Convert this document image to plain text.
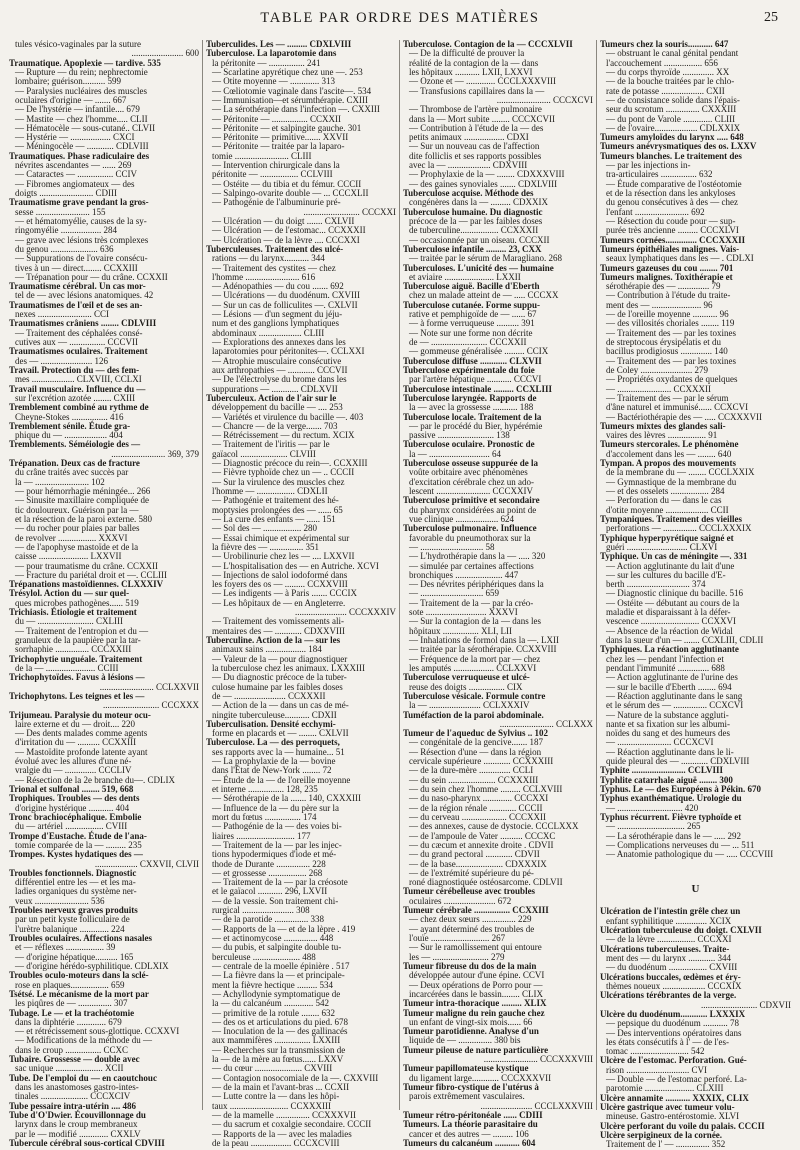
TABLE PAR ORDRE DES MATIÈRES	25
tules vésico-vaginales par la suture
....................... 600
Traumatique. Apoplexie — tardive. 535
— Rupture — du rein; nephrectomie
lombaire; guérison.......... 599
— Paralysies nucléaires des muscles
oculaires d'origine — ....... 667
— De l'hystérie — infantile.... 679
— Mastite — chez l'homme..... CLII
— Hématocèle — sous-cutané.. CLVII
— Hystérie — .................. CXCI
— Méningocèle — ............ CDLVIII
Traumatiques. Phase radiculaire des
névrites ascendantes — ...... 269
— Cataractes — ................ CCIV
— Fibromes angiomateux — des
doigts ........................ CDIII
Traumatisme grave pendant la gros-
sesse ........................ 155
— et hématomyélie, causes de la sy-
ringomyélie .................. 284
— grave avec lésions très complexes
du genou ..................... 636
— Suppurations de l'ovaire consécu-
tives à un — direct........ CCXXIII
— Trépanation pour — du crâne. CCXXII
Traumatisme cérébral. Un cas mor-
tel de — avec lésions anatomiques. 42
Traumatismes de l'œil et de ses an-
nexes ........................ CCI
Traumatismes crâniens ........ CDLVIII
— Traitement des céphalées consé-
cutives aux — ................ CCCVII
Traumatismes oculaires. Traitement
des — ....................... 126
Travail. Protection du — des fem-
mes ................... CLXVIII, CCLXI
Travail musculaire. Influence du —
sur l'excrétion azotée ........ CXIII
Tremblement combiné au rythme de
Cheyne-Stokes ................ 416
Tremblement sénile. Étude gra-
phique du — ................... 404
Tremblements. Séméiologie des —
........................ 369, 379
Trépanation. Deux cas de fracture
du crâne traités avec succès par
la — ........................ 102
— pour hémorrhagie méningée... 266
— Sinusite maxillaire compliquée de
tic douloureux. Guérison par la —
et la résection de la paroi externe. 580
— du rocher pour plaies par balles
de revolver ................. XXXVI
— de l'apophyse mastoïde et de la
caisse ...................... LXXVII
— pour traumatisme du crâne. CCXXII
— Fracture du pariétal droit et —. CCLIII
Trépanations mastoïdiennes. CLXXXIV
Trésylol. Action du — sur quel-
ques microbes pathogènes...... 519
Trichiasis. Étiologie et traitement
du — ......................... CXLIII
— Traitement de l'entropion et du —
granuleux de la paupière par la tar-
sorrhaphie ............... CCCXXIII
Trichophytie unguéale. Traitement
de la — ...................... CCIII
Trichophytoïdes. Favus à lésions —
........................ CCLXXVII
Trichophytons. Les teignes et les —
......................... CCCXXX
Trijumeau. Paralysie du moteur ocu-
laire externe et du — droit.... 220
— Des dents malades comme agents
d'irritation du — .......... CCXXIII
— Mastoïdite profonde latente ayant
évolué avec les allures d'une né-
vralgie du — .............. CCCLIV
— Résection de la 2e branche du—. CDLIX
Trional et sulfonal ........ 519, 668
Trophiques. Troubles — des dents
d'origine hystérique ........... 404
Tronc brachiocéphalique. Embolie
du — artériel ................. CVIII
Trompe d'Eustache. Étude de l'ana-
tomie comparée de la — ......... 235
Trompes. Kystes hydatiques des —
................... CXXVII, CLVII
Troubles fonctionnels. Diagnostic
différentiel entre les — et les ma-
ladies organiques du système ner-
veux ........................ 536
Troubles nerveux graves produits
par un petit kyste folliculaire de
l'urètre balanique ............. 224
Troubles oculaires. Affections nasales
et — réflexes ................. 39
— d'origine hépatique.......... 165
— d'origine hérédo-syphilitique. CDLXIX
Troubles oculo-moteurs dans la sclé-
rose en plaques................. 659
Tsétsé. Le mécanisme de la mort par
les piqûres de — ............... 307
Tubage. Le — et la trachéotomie
dans la diphtérie ............. 679
— et rétrécissement sous-glottique. CCXXVI
— Modifications de la méthode du —
dans le croup ................ CCXC
Tubaire. Grossesse — double avec
sac unique ..................... XCII
Tube. De l'emploi du — en caoutchouc
dans les anastomoses gastro-intes-
tinales ..................... CCCXCIV
Tube pessaire intra-utérin .... 486
Tube d'O'Dwier. Écouvillonnage du
larynx dans le croup membraneux
par le — modifié ............. CXXLV
Tubercule cérébral sous-cortical CDVIII
Tuberculides. Les — ......... CDXLVIII
Tuberculose. La laparotomie dans
la péritonite — ................ 241
— Scarlatine apyrétique chez une —. 253
— Otite moyenne — ............. 313
— Cœliotomie vaginale dans l'ascite—. 534
— Immunisation—et sérumthérapie. CXIII
— La sérothérapie dans l'infection —. CXXIII
— Péritonite — ................ CCXXII
— Péritonite — et salpingite gauche. 301
— Péritonite — primitive....... XXVII
— Péritonite — traitée par la laparo-
tomie ........................ CLIII
— Intervention chirurgicale dans la
péritonite — ................. CCLVIII
— Ostéite — du tibia et du fémur. CCCII
— Salpingo-ovarite double — ... CCCXLII
— Pathogénie de l'albuminurie pré-
......................... CCCXXI
— Ulcération — du doigt ....... CXLVII
— Ulcération — de l'estomac... CCXXXII
— Ulcération — de la lèvre .... CCCXXI
Tuberculeuses. Traitement des ulcé-
rations — du larynx........... 344
— Traitement des cystites — chez
l'homme ........................ 616
— Adénopathies — du cou ....... 692
— Ulcérations — du duodénum. CXVIII
— Sur un cas de folliculites —. CXLVII
— Lésions — d'un segment du jéju-
num et des ganglions lymphatiques
abdominaux ................... CLIII
— Explorations des annexes dans les
laparotomies pour péritonites—. CCLXXI
— Atrophie musculaire consécutive
aux arthropathies — ............ CCCVII
— De l'électrolyse du brome dans les
suppurations — ............ CDLXVII
Tuberculeux. Action de l'air sur le
développement du bacille — .... 253
— Variétés et virulence du bacille —. 403
— Chancre — de la verge....... 703
— Rétrécissement — du rectum. XCIX
— Traitement de l'iritis — par le
gaïacol ..................... CLVIII
— Diagnostic précoce du rein—. CCXXIII
— Fièvre typhoïde chez un — .. CCCII
— Sur la virulence des muscles chez
l'homme — ................. CDXLII
— Pathogénie et traitement des hé-
moptysies prolongées des — ...... 65
— La cure des enfants — ...... 151
— Sol des — ................. 280
— Essai chimique et expérimental sur
la fièvre des — ............... 351
— Urobilinurie chez les — .... LXXVII
— L'hospitalisation des — en Autriche. XCVI
— Injections de salol iodoformé dans
les foyers des os — ......... CCXXVIII
— Les indigents — à Paris ....... CCCIX
— Les hôpitaux de — en Angleterre.
....................... CCCXXXIV
— Traitement des vomissements ali-
mentaires des — ............ CDXXVIII
Tuberculine. Action de la — sur les
animaux sains .................. 184
— Valeur de la — pour diagnostiquer
la tuberculose chez les animaux. LXXXIII
— Du diagnostic précoce de la tuber-
culose humaine par les faibles doses
de — ....................... CCXXXII
— Action de la — dans un cas de mé-
ningite tuberculeuse........... CDXII
Tuberculisation. Densité ecchymi-
forme en placards et — ........ CXLVII
Tuberculose. La — des perroquets,
ses rapports avec la — humaine... 51
— La prophylaxie de la — bovine
dans l'État de New-York ........ 72
— Étude de la — de l'oreille moyenne
et interne ................ 128, 235
— Sérothérapie de la ....... 140, CXXXIII
— Influence de la — du père sur la
mort du fœtus ................ 174
— Pathogénie de la — des voies bi-
liaires .......................... 177
— Traitement de la — par les injec-
tions hypodermiques d'iode et mé-
thode de Durante ............... 228
— et grossesse ................. 268
— Traitement de la — par la créosote
et le gaïacol ........... 296, LXVII
— de la vessie. Son traitement chi-
rurgical ....................... 308
— de la parotide ............... 338
— Rapports de la — et de la lèpre . 419
— et actinomycose ............... 448
— du pubis, et salpingite double tu-
berculeuse ..................... 488
— centrale de la moelle épinière . 517
— La fièvre dans la — et principale-
ment la fièvre hectique ......... 534
— Achyllodynie symptomatique de
la — du calcanéum ............. 542
— primitive de la rotule ........ 632
— des os et articulations du pied. 678
— Inoculation de la — des gallinacés
aux mammifères ................ LXXIII
— Recherches sur la transmission de
la — de la mère au fœtus...... LXXV
— du cœur ..................... CXVIII
— Contagion nosocomiale de la —. CXXVIII
— de la main et l'avant-bras ... CCXII
— Lutte contre la — dans les hôpi-
taux .......................... CCXXXIII
— de la mamelle ............... CCXXXVII
— du sacrum et coxalgie secondaire. CCCII
— Rapports de la — avec les maladies
de la peau .................. CCCXCVIII
Tuberculose. Contagion de la — CCCXLVII
— De la difficulté de prouver la
réalité de la contagion de la — dans
les hôpitaux ........... LXII, LXXVI
— Ozone et — ............. CCCLXXXVIII
— Transfusions capillaires dans la —
........................ CCCXCVI
— Thrombose de l'artère pulmonaire
dans la — Mort subite ........ CCCXCVII
— Contribution à l'étude de la — des
petits animaux .................. CDXI
— Sur un nouveau cas de l'affection
dite folliclis et ses rapports possibles
avec la — ................... CDXVIII
— Prophylaxie de la — ........ CDXXXVIII
— des gaines synoviales ....... CDXLVIII
Tuberculose acquise. Méthode des
congénères dans la — ......... CDXXIX
Tuberculose humaine. Du diagnostic
précoce de la — par les faibles doses
de tuberculine................. CCXXXII
— occasionnée par un oiseau. CCCXII
Tuberculose infantile ......... 23, CXX
— traitée par le sérum de Maragliano. 268
Tuberculoses. L'unicité des — humaine
et aviaire ...................... LXXII
Tuberculose aiguë. Bacille d'Eberth
chez un malade atteint de — ..... CCCXX
Tuberculose cutanée. Forme suppu-
rative et pemphigoïde de — ...... 67
— à forme verruqueuse .......... 391
— Note sur une forme non décrite
de — ......................... CCCXXII
— gommeuse généralisée ......... CCIX
Tuberculose diffuse ............ CLXVII
Tuberculose expérimentale du foie
par l'artère hépatique ........... CCCVI
Tuberculose intestinale ......... CCXLIII
Tuberculose laryngée. Rapports de
la — avec la grossesse ........... 188
Tuberculose locale. Traitement de la
— par le procédé du Bier, hypérémie
passive ......................... 138
Tuberculose oculaire. Pronostic de
la — ........................... 64
Tuberculose osseuse suppurée de la
voûte orbitaire avec phénomènes
d'excitation cérébrale chez un ado-
lescent ........................ CCCXXIV
Tuberculose primitive et secondaire
du pharynx considérées au point de
vue clinique ................... 624
Tuberculose pulmonaire. Influence
favorable du pneumothorax sur la
— ............................ 58
— L'hydrothérapie dans la — ..... 320
— simulée par certaines affections
bronchiques ..................... 447
— Des névrites périphériques dans la
— ............................ 659
— Traitement de la — par la créo-
sote ........................... XXXVI
— Sur la contagion de la — dans les
hôpitaux ................ XLI, LII
— Inhalations de formol dans la —. LXII
— traitée par la sérothérapie. CCXXVIII
— Fréquence de la mort par — chez
les amputés .................. CCLXXVI
Tuberculose verruqueuse et ulcé-
reuse des doigts ................ CIX
Tuberculose vésicale. Formule contre
la — ....................... CCLXXXIV
Tuméfaction de la paroi abdominale.
........................ CCLXXX
Tumeur de l'aqueduc de Sylvius .. 102
— congénitale de la gencive....... 187
— Résection d'une — dans la région
cervicale supérieure ............ CCXXXIII
— de la dure-mère .............. CCLI
— du sein ..................... CCXXXIII
— du sein chez l'homme ......... CCLXVIII
— du naso-pharynx ............. CCCXXI
— de la région rénale ............ CCCII
— du cerveau .................... CCCXXII
— des annexes, cause de dystocie. CCCLXXX
— de l'ampoule de Vater .......... CCCXC
— du cæcum et annexite droite . CDVII
— du grand pectoral ............ CDVII
— de la base..................... CDXXXIX
— de l'extrémité supérieure du pé-
roné diagnostiquée ostéosarcome. CDLVII
Tumeur cérébelleuse avec troubles
oculaires ....................... 672
Tumeur cérébrale ................ CCXXIII
— chez deux sœurs ............... 229
— ayant déterminé des troubles de
l'ouïe .......................... 267
— Sur le ramollissement qui entoure
les — ......................... 279
Tumeur fibreuse du dos de la main
développée autour d'une épine. CCVI
— Deux opérations de Porro pour —
incarcérées dans le bassin........ CLIX
Tumeur intra-thoracique ......... XLIX
Tumeur maligne du rein gauche chez
un enfant de vingt-six mois...... 66
Tumeur parotidienne. Analyse d'un
liquide de — ............... 380 bis
Tumeur pileuse de nature particulière
........................ CCCXXXVIII
Tumeur papillomateuse kystique
du ligament large............ CCCXXXVII
Tumeur fibro-cystique de l'utérus à
parois extrêmement vasculaires.
....................... CCCLXXXVIII
Tumeur rétro-péritonéale ...... CDIII
Tumeurs. La théorie parasitaire du
cancer et des autres — ......... 106
Tumeurs du calcanéum ........... 604
Tumeurs chez la souris........... 647
— obstruant le canal génital pendant
l'accouchement ................. 656
— du corps thyroïde .............. XX
— de la bouche traitées par le chlo-
rate de potasse ................... CXII
— de consistance solide dans l'épais-
seur du scrotum ............... CXXXIII
— du pont de Varole ............. CLIII
— de l'ovaire................... CDLXXIX
Tumeurs amyloïdes du larynx ..... 648
Tumeurs anévrysmatiques des os. LXXV
Tumeurs blanches. Le traitement des
— par les injections in-
tra-articulaires ................ 632
— Étude comparative de l'ostéotomie
et de la résection dans les ankyloses
du genou consécutives à des — chez
l'enfant ........................ 692
— Résection du coude pour — sup-
purée très ancienne ......... CCCXLVI
Tumeurs cornées.............. CCCXXXII
Tumeurs épithéliales malignes. Vais-
seaux lymphatiques dans les — . CDLXI
Tumeurs gazeuses du cou ........ 701
Tumeurs malignes. Toxithérapie et
sérothérapie des — .............. 79
— Contribution à l'étude du traite-
ment des — ...................... 96
— de l'oreille moyenne ........... 96
— des villosités choriales ........ 119
— Traitement des — par les toxines
de streptocous érysipélatis et du
bacillus prodigiosus .............. 140
— Traitement des — par les toxines
de Coley ....................... 279
— Propriétés oxydantes de quelques
— ........................ CCXXXII
— Traitement des — par le sérum
d'âne naturel et immunisé...... CCXCVI
— Bactériothérapie des — ..... CCXXXVII
Tumeurs mixtes des glandes sali-
vaires des lèvres ................. 91
Tumeurs stercorales. Le phénomène
d'accolement dans les — ........ 640
Tympan. A propos des mouvements
de la membrane du — ........ CCCLXXIX
— Gymnastique de la membrane du
— et des osselets ................. 284
— Perforation du — dans le cas
d'otite moyenne ................... CCII
Tympaniques. Traitement des vieilles
perforations — ............... CCCLXXXIX
Typhique hyperpyrétique saigné et
guéri ........................... CLXVI
Typhique. Un cas de méningite —. 331
— Action agglutinante du lait d'une
— sur les cultures du bacille d'E-
berth ............................ 374
— Diagnostic clinique du bacille. 516
— Ostéite — débutant au cours de la
maladie et disparaissant à la défer-
vescence .......................... CCXXVI
— Absence de la réaction de Widal
dans la sueur d'un — ....... CCXLIII, CDLII
Typhiques. La réaction agglutinante
chez les — pendant l'infection et
pendant l'immunité .............. 688
— Action agglutinante de l'urine des
— sur le bacille d'Eberth ........ 694
— Réaction agglutinante dans le sang
et le sérum des — ............... CCXCVI
— Nature de la substance aggluti-
nante et sa fixation sur les albumi-
noïdes du sang et des humeurs des
— ........................ CCCXCVI
— Réaction agglutinante dans le li-
quide pleural des — ............ CDXLVIII
Typhite ........................ CCLVIII
Typhlite catarrhale aiguë ........ 300
Typhus. Le — des Européens à Pékin. 670
Typhus exanthématique. Urologie du
— ............................. 420
Typhus récurrent. Fièvre typhoïde et
— .............................. 265
— La sérothérapie dans le — ..... 292
— Complications nerveuses du — ... 511
— Anatomie pathologique du — ..... CCCVIII

U

Ulcération de l'intestin grêle chez un
enfant syphilitique .............. XCIX
Ulcération tuberculeuse du doigt. CXLVII
— de la lèvre ................. CCCXXI
Ulcérations tuberculeuses. Traite-
ment des — du larynx ............ 344
— du duodénum ................. CXVIII
Ulcérations buccales, œdèmes et éry-
thèmes noueux ................... CCCXIX
Ulcérations térébrantes de la verge.
......................... CDXVII
Ulcère du duodénum............ LXXXIX
— pepsique du duodénum ........... 78
— Des interventions opératoires dans
les états consécutifs à l' — de l'es-
tomac .......................... 542
Ulcère de l'estomac. Perforation. Gué-
rison ............................ CVI
— Double — de l'estomac perforé. La-
parotomie ...................... CLXIII
Ulcère annamite ........... XXXIX, CLIX
Ulcère gastrique avec tumeur volu-
mineuse. Gastro-entérostomie. XLVI
Ulcère perforant du voile du palais. CCCII
Ulcère serpigineux de la cornée.
Traitement de l' — ............... 352
